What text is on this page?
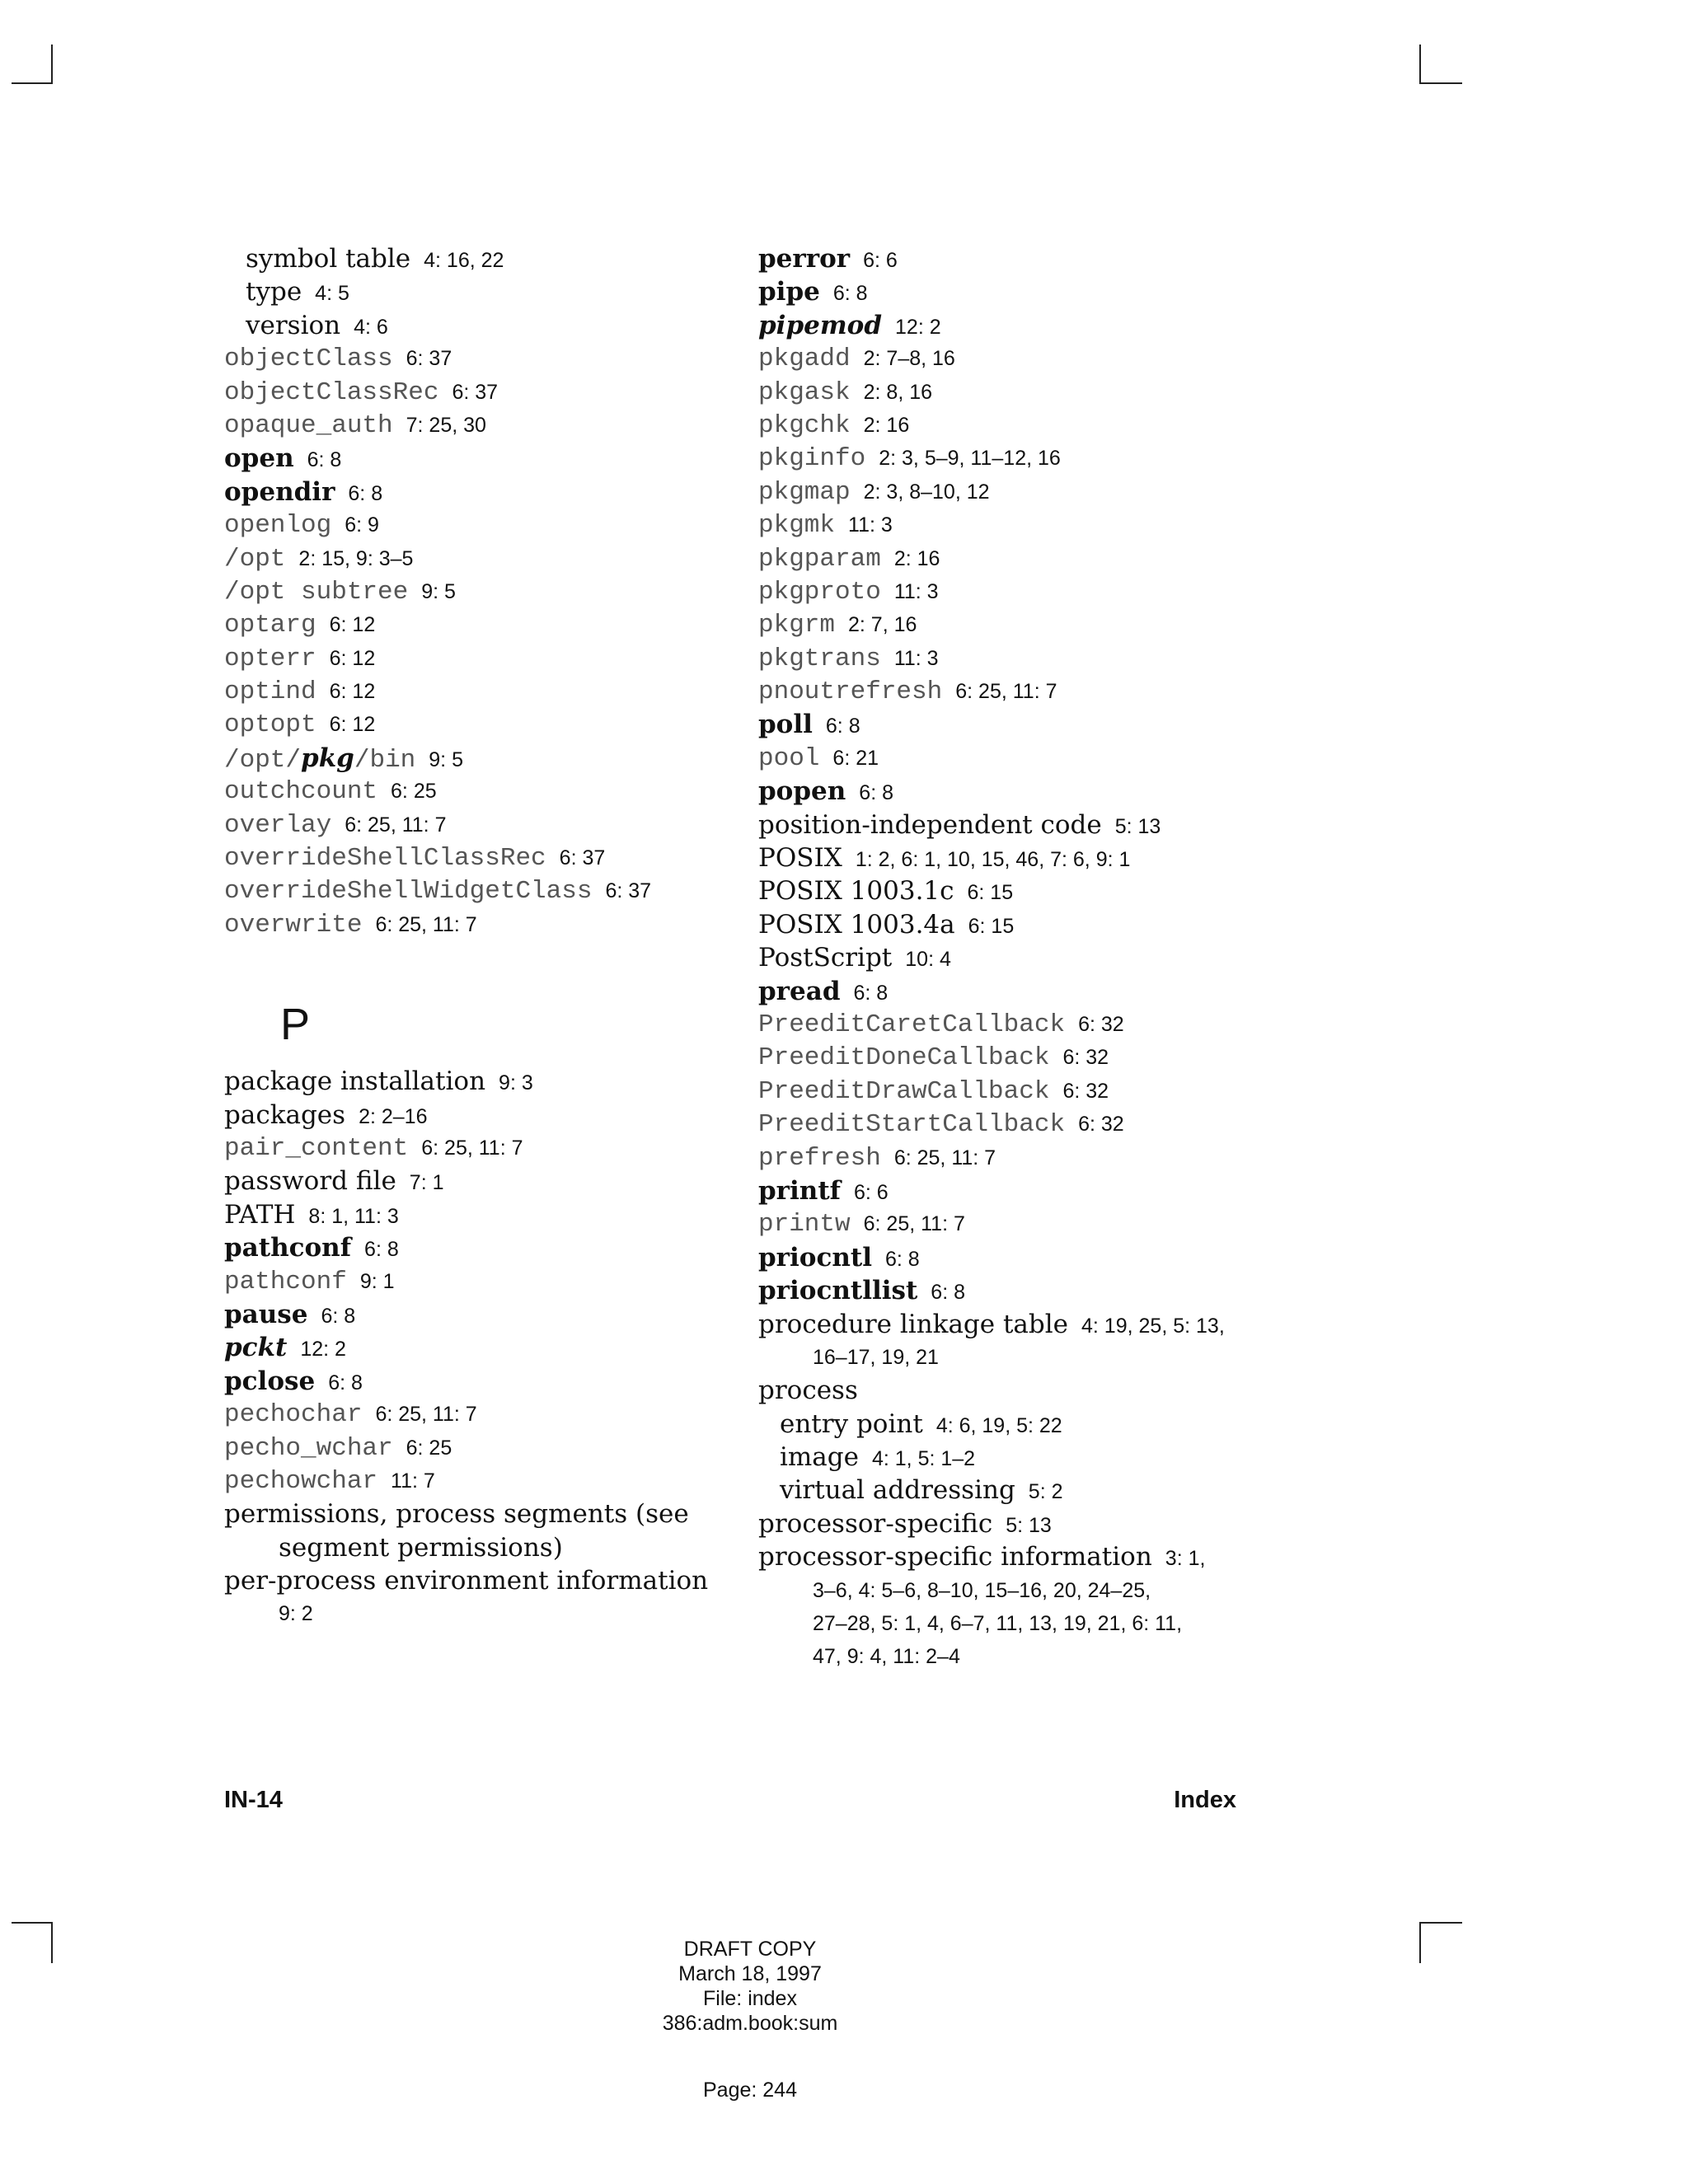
symbol table 4: 16, 22
type 4: 5
version 4: 6
objectClass 6: 37
objectClassRec 6: 37
opaque_auth 7: 25, 30
open 6: 8
opendir 6: 8
openlog 6: 9
/opt 2: 15, 9: 3–5
/opt subtree 9: 5
optarg 6: 12
opterr 6: 12
optind 6: 12
optopt 6: 12
/opt/pkg/bin 9: 5
outchcount 6: 25
overlay 6: 25, 11: 7
overrideShellClassRec 6: 37
overrideShellWidgetClass 6: 37
overwrite 6: 25, 11: 7
P
package installation 9: 3
packages 2: 2–16
pair_content 6: 25, 11: 7
password file 7: 1
PATH 8: 1, 11: 3
pathconf 6: 8
pathconf 9: 1
pause 6: 8
pckt 12: 2
pclose 6: 8
pechochar 6: 25, 11: 7
pecho_wchar 6: 25
pechowchar 11: 7
permissions, process segments (see
segment permissions)
per-process environment information
9: 2
perror 6: 6
pipe 6: 8
pipemod 12: 2
pkgadd 2: 7–8, 16
pkgask 2: 8, 16
pkgchk 2: 16
pkginfo 2: 3, 5–9, 11–12, 16
pkgmap 2: 3, 8–10, 12
pkgmk 11: 3
pkgparam 2: 16
pkgproto 11: 3
pkgrm 2: 7, 16
pkgtrans 11: 3
pnoutrefresh 6: 25, 11: 7
poll 6: 8
pool 6: 21
popen 6: 8
position-independent code 5: 13
POSIX 1: 2, 6: 1, 10, 15, 46, 7: 6, 9: 1
POSIX 1003.1c 6: 15
POSIX 1003.4a 6: 15
PostScript 10: 4
pread 6: 8
PreeditCaretCallback 6: 32
PreeditDoneCallback 6: 32
PreeditDrawCallback 6: 32
PreeditStartCallback 6: 32
prefresh 6: 25, 11: 7
printf 6: 6
printw 6: 25, 11: 7
priocntl 6: 8
priocntllist 6: 8
procedure linkage table 4: 19, 25, 5: 13,
16–17, 19, 21
process
entry point 4: 6, 19, 5: 22
image 4: 1, 5: 1–2
virtual addressing 5: 2
processor-specific 5: 13
processor-specific information 3: 1,
3–6, 4: 5–6, 8–10, 15–16, 20, 24–25,
27–28, 5: 1, 4, 6–7, 11, 13, 19, 21, 6: 11,
47, 9: 4, 11: 2–4
IN-14	Index
DRAFT COPY
March 18, 1997
File: index
386:adm.book:sum
Page: 244
